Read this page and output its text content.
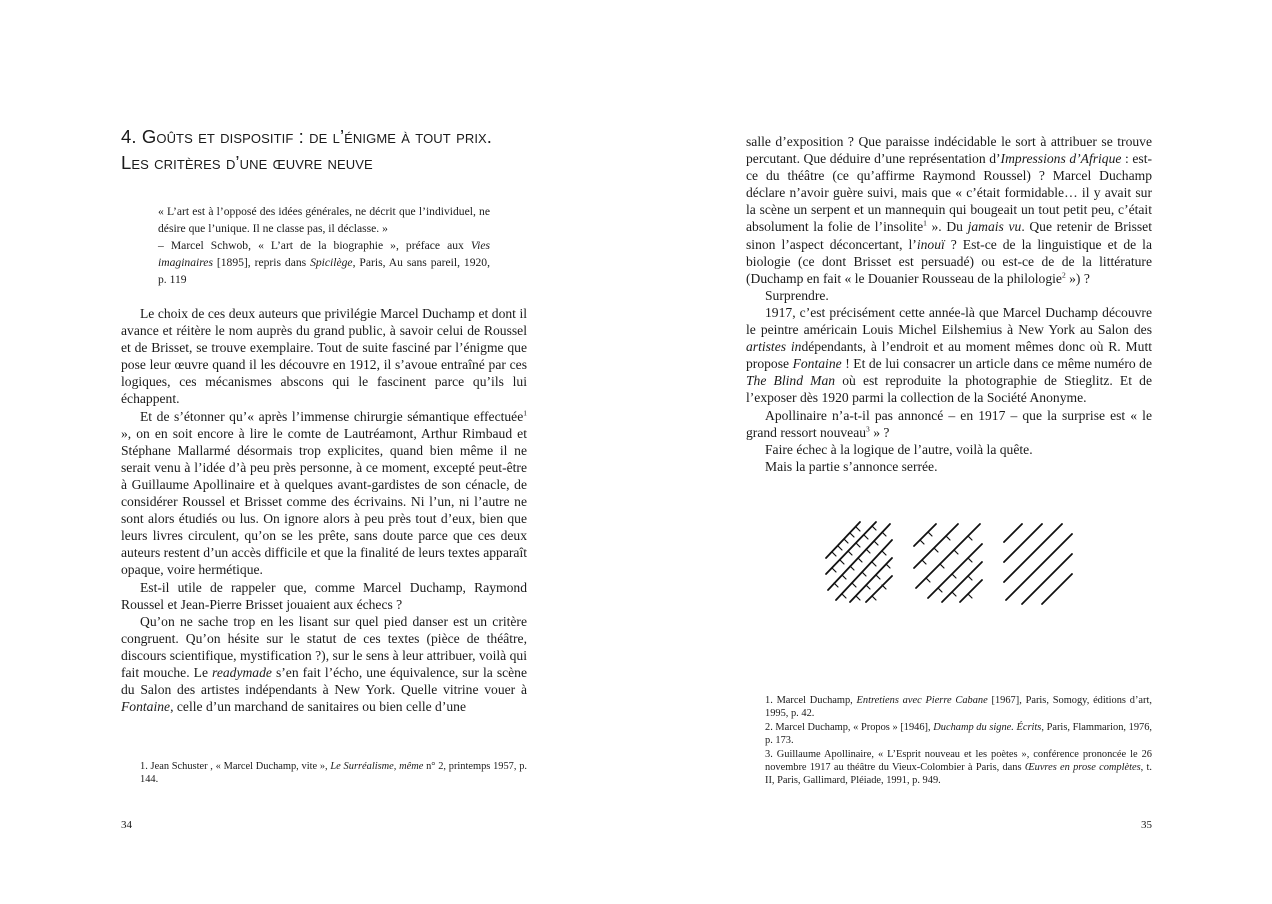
4. Goûts et dispositif : de l’énigme à tout prix.
Les critères d’une œuvre neuve

« L’art est à l’opposé des idées générales, ne décrit que l’individuel, ne désire que l’unique. Il ne classe pas, il déclasse. »

– Marcel Schwob, « L’art de la biographie », préface aux Vies imaginaires [1895], repris dans Spicilège, Paris, Au sans pareil, 1920, p. 119

Le choix de ces deux auteurs que privilégie Marcel Duchamp et dont il avance et réitère le nom auprès du grand public, à savoir celui de Roussel et de Brisset, se trouve exemplaire. Tout de suite fasciné par l’énigme que pose leur œuvre quand il les découvre en 1912, il s’avoue entraîné par ces logiques, ces mécanismes abscons qui le fascinent parce qu’ils lui échappent.

Et de s’étonner qu’« après l’immense chirurgie sémantique effectuée$^1$ », on en soit encore à lire le comte de Lautréamont, Arthur Rimbaud et Stéphane Mallarmé désormais trop explicites, quand bien même il ne serait venu à l’idée d’à peu près personne, à ce moment, excepté peut-être à Guillaume Apollinaire et à quelques avant-gardistes de son cénacle, de considérer Roussel et Brisset comme des écrivains. Ni l’un, ni l’autre ne sont alors étudiés ou lus. On ignore alors à peu près tout d’eux, bien que leurs livres circulent, qu’on se les prête, sans doute parce que ces deux auteurs restent d’un accès difficile et que la finalité de leurs textes apparaît opaque, voire hermétique.

Est-il utile de rappeler que, comme Marcel Duchamp, Raymond Roussel et Jean-Pierre Brisset jouaient aux échecs ?

Qu’on ne sache trop en les lisant sur quel pied danser est un critère congruent. Qu’on hésite sur le statut de ces textes (pièce de théâtre, discours scientifique, mystification ?), sur le sens à leur attribuer, voilà qui fait mouche. Le readymade s’en fait l’écho, une équivalence, sur la scène du Salon des artistes indépendants à New York. Quelle vitrine vouer à Fontaine, celle d’un marchand de sanitaires ou bien celle d’une

1. Jean Schuster , « Marcel Duchamp, vite », Le Surréalisme, même n° 2, printemps 1957, p. 144.

34

salle d’exposition ? Que paraisse indécidable le sort à attribuer se trouve percutant. Que déduire d’une représentation d’Impressions d’Afrique : est-ce du théâtre (ce qu’affirme Raymond Roussel) ? Marcel Duchamp déclare n’avoir guère suivi, mais que « c’était formidable… il y avait sur la scène un serpent et un mannequin qui bougeait un tout petit peu, c’était absolument la folie de l’insolite$^1$ ». Du jamais vu. Que retenir de Brisset sinon l’aspect déconcertant, l’inouï ? Est-ce de la linguistique et de la biologie (ce dont Brisset est persuadé) ou est-ce de de la littérature (Duchamp en fait « le Douanier Rousseau de la philologie$^2$ ») ?

Surprendre.

1917, c’est précisément cette année-là que Marcel Duchamp découvre le peintre américain Louis Michel Eilshemius à New York au Salon des artistes indépendants, à l’endroit et au moment mêmes donc où R. Mutt propose Fontaine ! Et de lui consacrer un article dans ce même numéro de The Blind Man où est reproduite la photographie de Stieglitz. Et de l’exposer dès 1920 parmi la collection de la Société Anonyme.

Apollinaire n’a-t-il pas annoncé – en 1917 – que la surprise est « le grand ressort nouveau$^3$ » ?

Faire échec à la logique de l’autre, voilà la quête.

Mais la partie s’annonce serrée.

1. Marcel Duchamp, Entretiens avec Pierre Cabane [1967], Paris, Somogy, éditions d’art, 1995, p. 42.

2. Marcel Duchamp, « Propos » [1946], Duchamp du signe. Écrits, Paris, Flammarion, 1976, p. 173.

3. Guillaume Apollinaire, « L’Esprit nouveau et les poètes », conférence prononcée le 26 novembre 1917 au théâtre du Vieux-Colombier à Paris, dans Œuvres en prose complètes, t. II, Paris, Gallimard, Pléiade, 1991, p. 949.

35
